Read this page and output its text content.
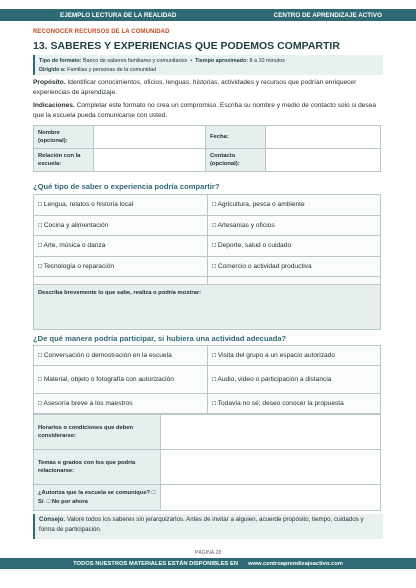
EJEMPLO LECTURA DE LA REALIDAD	CENTRO DE APRENDIZAJE ACTIVO
RECONOCER RECURSOS DE LA COMUNIDAD
13. SABERES Y EXPERIENCIAS QUE PODEMOS COMPARTIR
Tipo de formato: Banco de saberes familiares y comunitarios • Tiempo aproximado: 8 a 10 minutos
Dirigido a: Familias y personas de la comunidad
Propósito. Identificar conocimientos, oficios, lenguas, historias, actividades y recursos que podrían enriquecer experiencias de aprendizaje.
Indicaciones. Completar este formato no crea un compromiso. Escriba su nombre y medio de contacto solo si desea que la escuela pueda comunicarse con usted.
Nombre (opcional):		Fecha:	
Relación con la escuela:		Contacto (opcional):	
¿Qué tipo de saber o experiencia podría compartir?
□ Lengua, relatos o historia local	□ Agricultura, pesca o ambiente
□ Cocina y alimentación	□ Artesanías y oficios
□ Arte, música o danza	□ Deporte, salud o cuidado
□ Tecnología o reparación	□ Comercio o actividad productiva

Describa brevemente lo que sabe, realiza o podría mostrar:
¿De qué manera podría participar, si hubiera una actividad adecuada?
□ Conversación o demostración en la escuela	□ Visita del grupo a un espacio autorizado
□ Material, objeto o fotografía con autorización	□ Audio, video o participación a distancia
□ Asesoría breve a los maestros	□ Todavía no sé; deseo conocer la propuesta
Horarios o condiciones que deben considerarse:	
Temas o grados con los que podría relacionarse:	
¿Autoriza que la escuela se comunique? □ Sí □ No por ahora	
Consejo. Valore todos los saberes sin jerarquizarlos. Antes de invitar a alguien, acuerde propósito, tiempo, cuidados y forma de participación.
PÁGINA 28
TODOS NUESTROS MATERIALES ESTÁN DISPONIBLES EN www.centroaprendizajeactivo.com
